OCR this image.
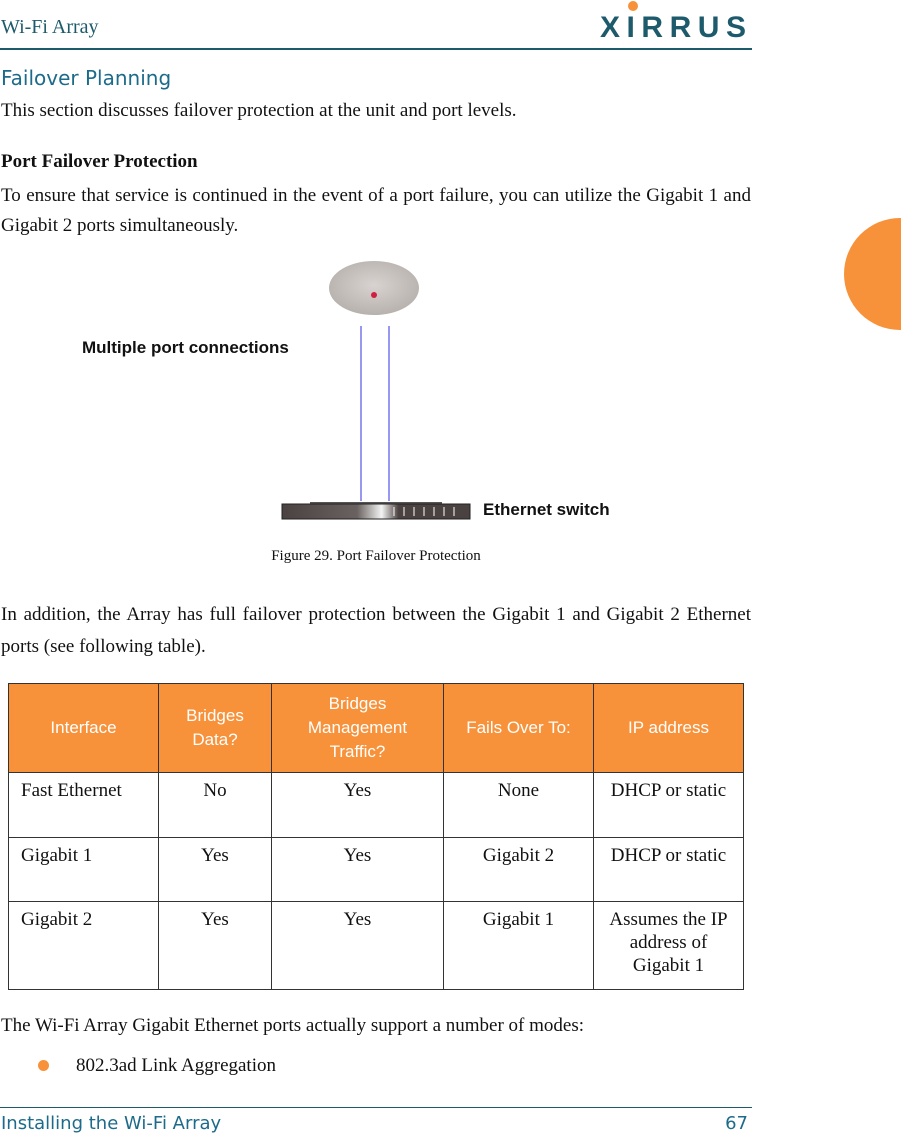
Wi-Fi Array	XIRRUS
Failover Planning
This section discusses failover protection at the unit and port levels.
Port Failover Protection
To ensure that service is continued in the event of a port failure, you can utilize the Gigabit 1 and Gigabit 2 ports simultaneously.
Multiple port connections
Ethernet switch
Figure 29. Port Failover Protection
In addition, the Array has full failover protection between the Gigabit 1 and Gigabit 2 Ethernet ports (see following table).
Interface	Bridges Data?	Bridges Management Traffic?	Fails Over To:	IP address
Fast Ethernet	No	Yes	None	DHCP or static
Gigabit 1	Yes	Yes	Gigabit 2	DHCP or static
Gigabit 2	Yes	Yes	Gigabit 1	Assumes the IP address of Gigabit 1
The Wi-Fi Array Gigabit Ethernet ports actually support a number of modes:
802.3ad Link Aggregation
Installing the Wi-Fi Array	67
